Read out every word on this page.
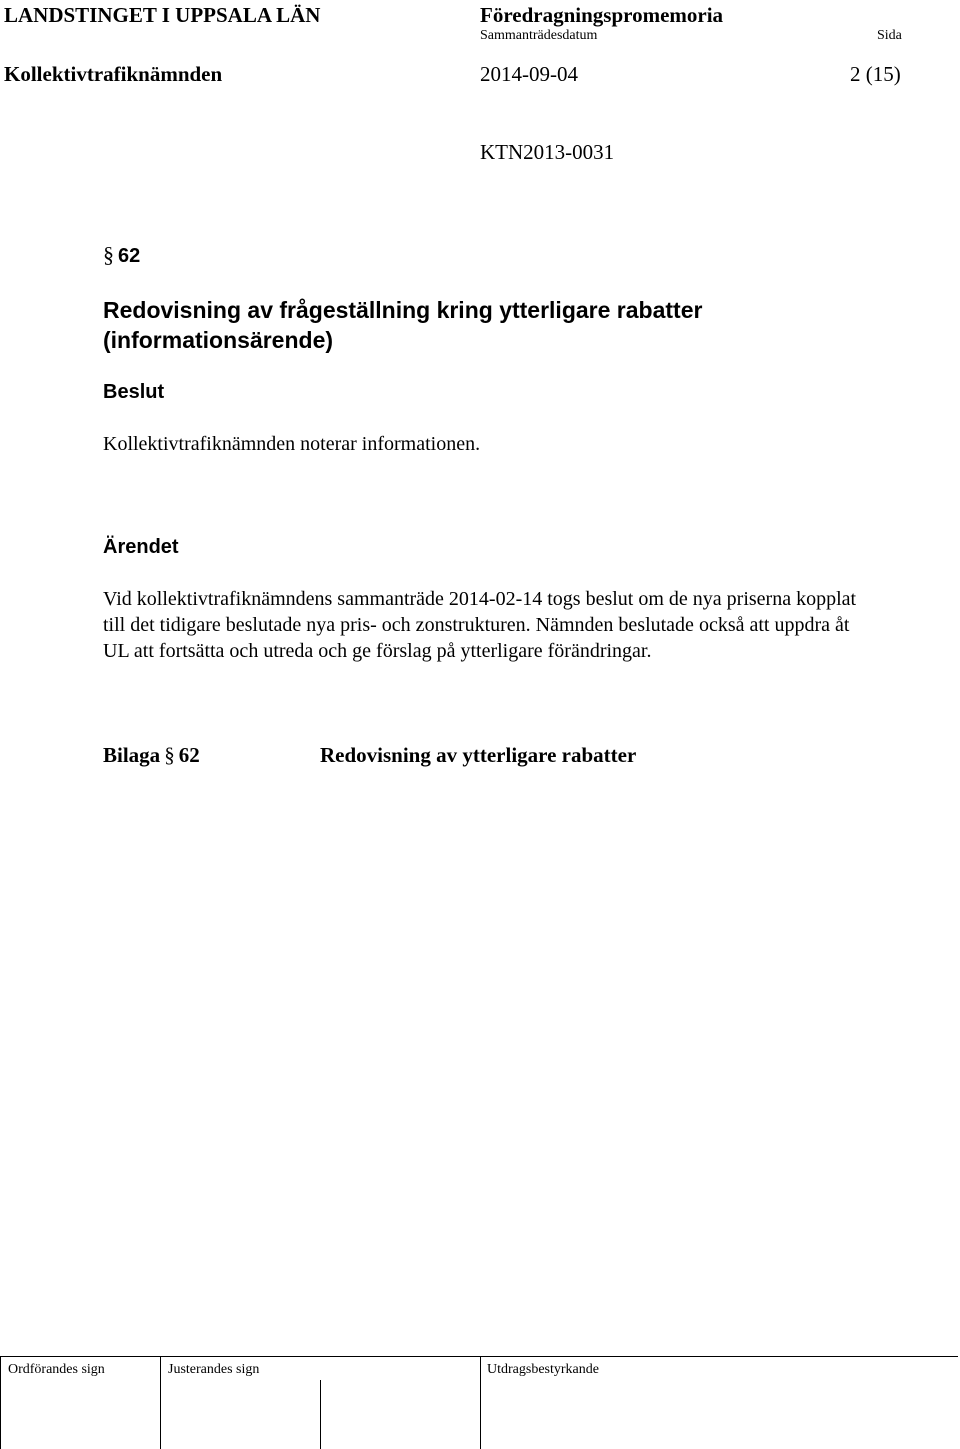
LANDSTINGET I UPPSALA LÄN	Föredragningspromemoria
Sammanträdesdatum	Sida
Kollektivtrafiknämnden	2014-09-04	2 (15)
KTN2013-0031
§ 62
Redovisning av frågeställning kring ytterligare rabatter
(informationsärende)
Beslut
Kollektivtrafiknämnden noterar informationen.
Ärendet
Vid kollektivtrafiknämndens sammanträde 2014-02-14 togs beslut om de nya priserna kopplat
till det tidigare beslutade nya pris- och zonstrukturen. Nämnden beslutade också att uppdra åt
UL att fortsätta och utreda och ge förslag på ytterligare förändringar.
Bilaga § 62	Redovisning av ytterligare rabatter
Ordförandes sign	Justerandes sign	Utdragsbestyrkande
